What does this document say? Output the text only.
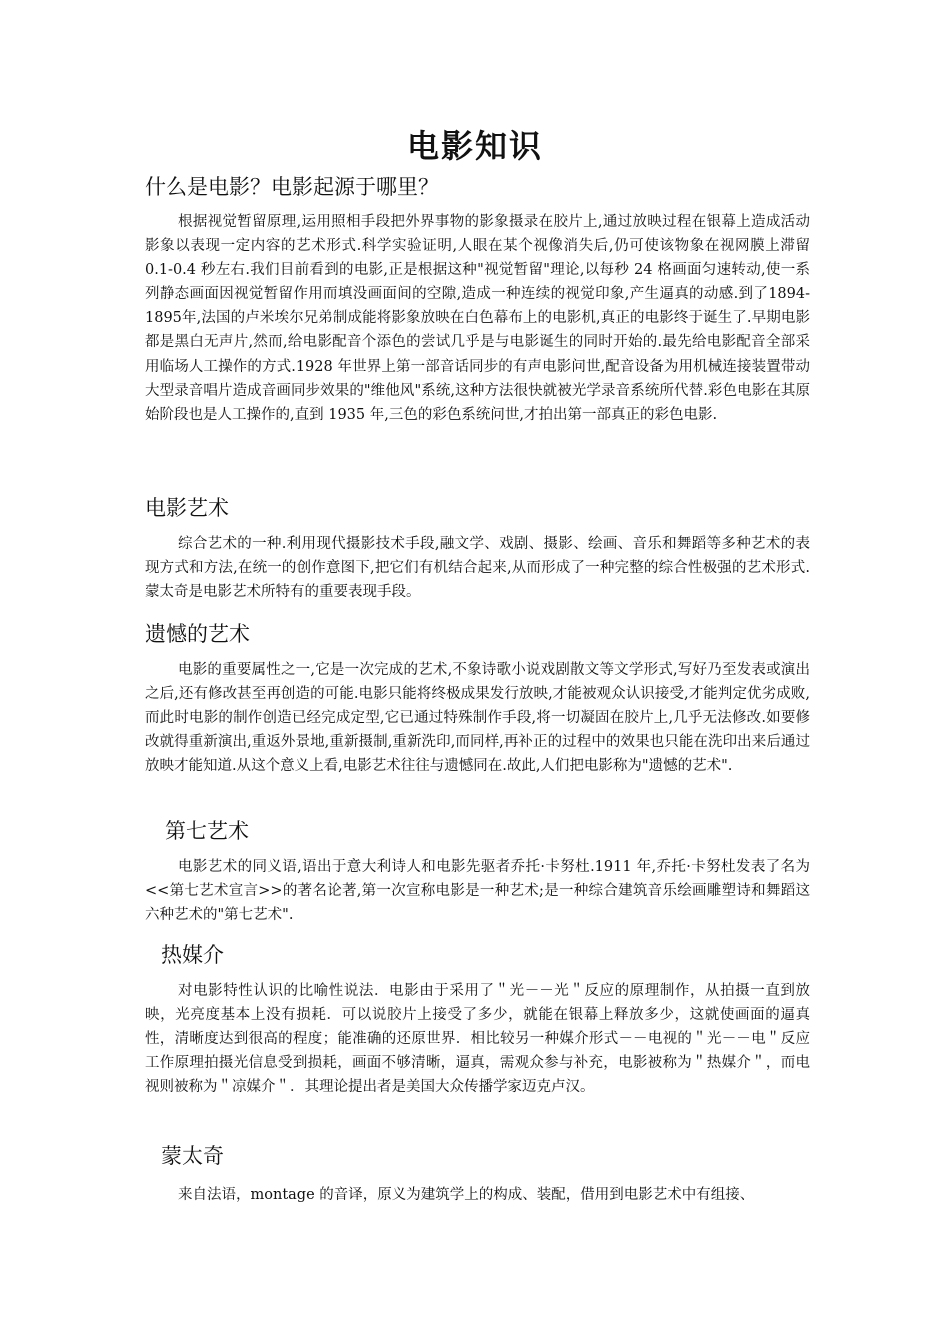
电影知识
什么是电影？电影起源于哪里？

根据视觉暂留原理,运用照相手段把外界事物的影象摄录在胶片上,通过放映过程在银幕上造成活动影象以表现一定内容的艺术形式.科学实验证明,人眼在某个视像消失后,仍可使该物象在视网膜上滞留 0.1-0.4 秒左右.我们目前看到的电影,正是根据这种"视觉暂留"理论,以每秒 24 格画面匀速转动,使一系列静态画面因视觉暂留作用而填没画面间的空隙,造成一种连续的视觉印象,产生逼真的动感.到了1894-1895年,法国的卢米埃尔兄弟制成能将影象放映在白色幕布上的电影机,真正的电影终于诞生了.早期电影都是黑白无声片,然而,给电影配音个添色的尝试几乎是与电影诞生的同时开始的.最先给电影配音全部采用临场人工操作的方式.1928 年世界上第一部音话同步的有声电影问世,配音设备为用机械连接装置带动大型录音唱片造成音画同步效果的"维他风"系统,这种方法很快就被光学录音系统所代替.彩色电影在其原始阶段也是人工操作的,直到 1935 年,三色的彩色系统问世,才拍出第一部真正的彩色电影.

电影艺术

综合艺术的一种.利用现代摄影技术手段,融文学、戏剧、摄影、绘画、音乐和舞蹈等多种艺术的表现方式和方法,在统一的创作意图下,把它们有机结合起来,从而形成了一种完整的综合性极强的艺术形式.蒙太奇是电影艺术所特有的重要表现手段。

遗憾的艺术

电影的重要属性之一,它是一次完成的艺术,不象诗歌小说戏剧散文等文学形式,写好乃至发表或演出之后,还有修改甚至再创造的可能.电影只能将终极成果发行放映,才能被观众认识接受,才能判定优劣成败,而此时电影的制作创造已经完成定型,它已通过特殊制作手段,将一切凝固在胶片上,几乎无法修改.如要修改就得重新演出,重返外景地,重新摄制,重新洗印,而同样,再补正的过程中的效果也只能在洗印出来后通过放映才能知道.从这个意义上看,电影艺术往往与遗憾同在.故此,人们把电影称为"遗憾的艺术".

第七艺术

电影艺术的同义语,语出于意大利诗人和电影先驱者乔托·卡努杜.1911 年,乔托·卡努杜发表了名为<<第七艺术宣言>>的著名论著,第一次宣称电影是一种艺术;是一种综合建筑音乐绘画雕塑诗和舞蹈这六种艺术的"第七艺术".

热媒介

对电影特性认识的比喻性说法．电影由于采用了＂光－－光＂反应的原理制作，从拍摄一直到放映，光亮度基本上没有损耗．可以说胶片上接受了多少，就能在银幕上释放多少，这就使画面的逼真性，清晰度达到很高的程度；能准确的还原世界．相比较另一种媒介形式－－电视的＂光－－电＂反应工作原理拍摄光信息受到损耗，画面不够清晰，逼真，需观众参与补充，电影被称为＂热媒介＂，而电视则被称为＂凉媒介＂．其理论提出者是美国大众传播学家迈克卢汉。

蒙太奇

来自法语，montage 的音译，原义为建筑学上的构成、装配，借用到电影艺术中有组接、
